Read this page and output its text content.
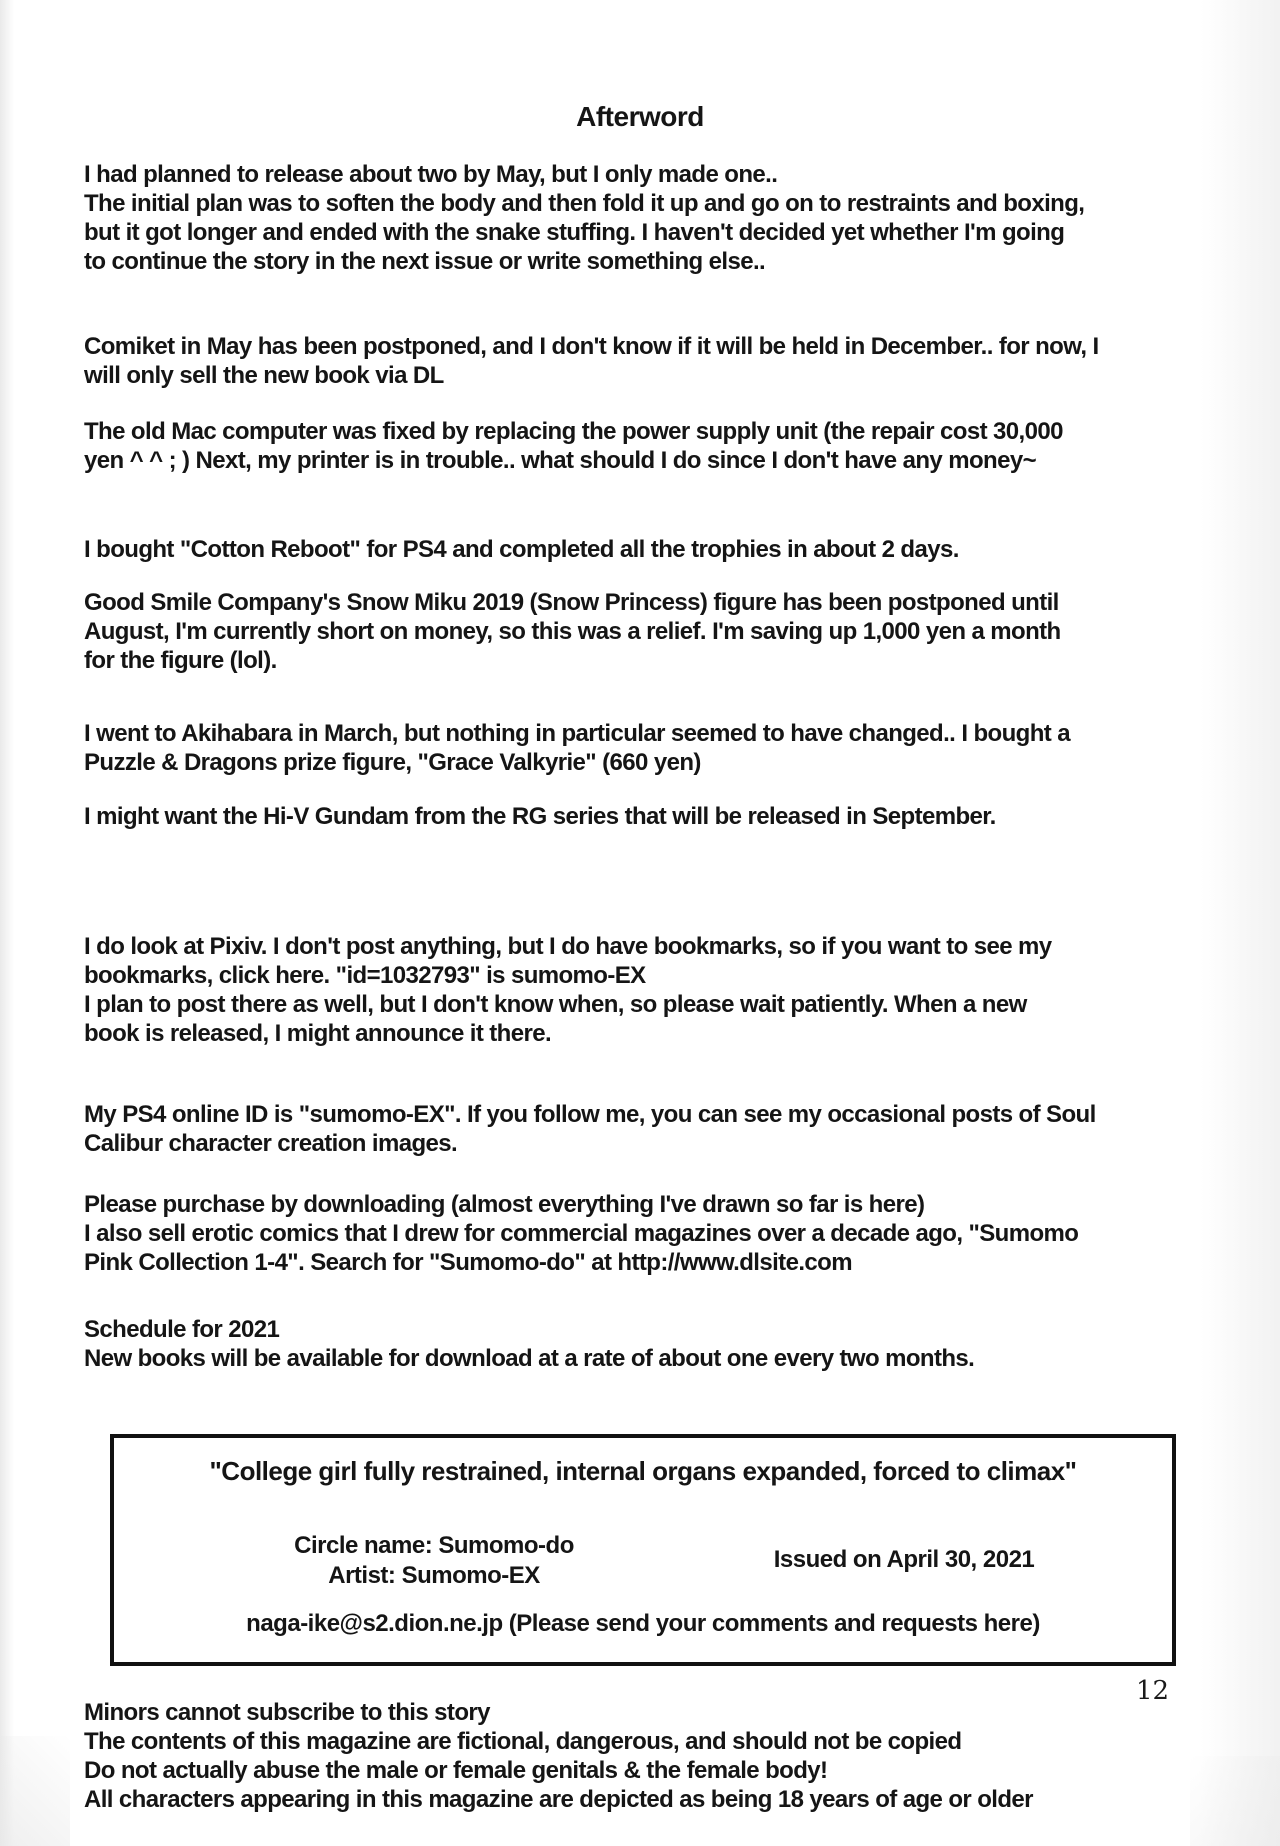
Afterword
I had planned to release about two by May, but I only made one..
The initial plan was to soften the body and then fold it up and go on to restraints and boxing,
but it got longer and ended with the snake stuffing. I haven't decided yet whether I'm going
to continue the story in the next issue or write something else..
Comiket in May has been postponed, and I don't know if it will be held in December.. for now, I
will only sell the new book via DL
The old Mac computer was fixed by replacing the power supply unit (the repair cost 30,000
yen ^ ^ ; ) Next, my printer is in trouble.. what should I do since I don't have any money~
I bought "Cotton Reboot" for PS4 and completed all the trophies in about 2 days.
Good Smile Company's Snow Miku 2019 (Snow Princess) figure has been postponed until
August, I'm currently short on money, so this was a relief. I'm saving up 1,000 yen a month
for the figure (lol).
I went to Akihabara in March, but nothing in particular seemed to have changed.. I bought a
Puzzle & Dragons prize figure, "Grace Valkyrie" (660 yen)
I might want the Hi-V Gundam from the RG series that will be released in September.
I do look at Pixiv. I don't post anything, but I do have bookmarks, so if you want to see my
bookmarks, click here. "id=1032793" is sumomo-EX
I plan to post there as well, but I don't know when, so please wait patiently. When a new
book is released, I might announce it there.
My PS4 online ID is "sumomo-EX". If you follow me, you can see my occasional posts of Soul
Calibur character creation images.
Please purchase by downloading (almost everything I've drawn so far is here)
I also sell erotic comics that I drew for commercial magazines over a decade ago, "Sumomo
Pink Collection 1-4". Search for "Sumomo-do" at http://www.dlsite.com
Schedule for 2021
New books will be available for download at a rate of about one every two months.
"College girl fully restrained, internal organs expanded, forced to climax"
Circle name: Sumomo-do
Artist: Sumomo-EX
Issued on April 30, 2021
naga-ike@s2.dion.ne.jp (Please send your comments and requests here)
12
Minors cannot subscribe to this story
The contents of this magazine are fictional, dangerous, and should not be copied
Do not actually abuse the male or female genitals & the female body!
All characters appearing in this magazine are depicted as being 18 years of age or older
